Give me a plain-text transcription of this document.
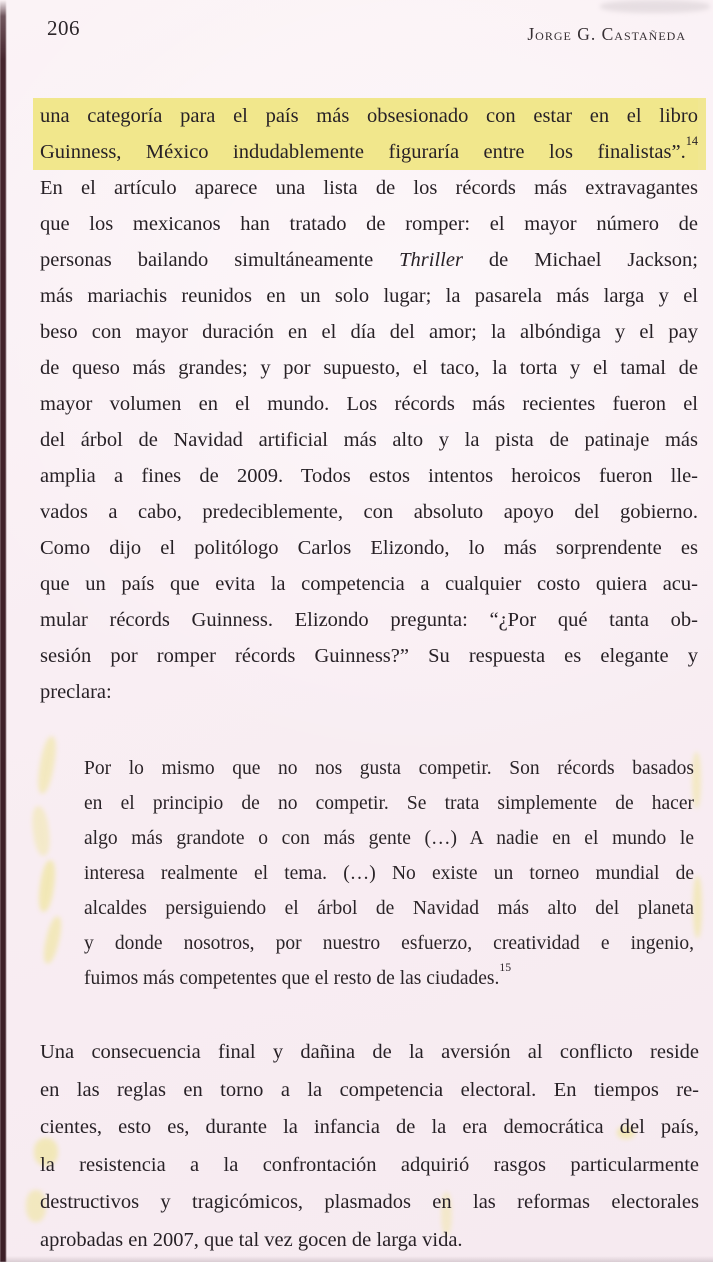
206	Jorge G. Castañeda
una categoría para el país más obsesionado con estar en el libro
Guinness, México indudablemente figuraría entre los finalistas”.$^{14}$
En el artículo aparece una lista de los récords más extravagantes
que los mexicanos han tratado de romper: el mayor número de
personas bailando simultáneamente Thriller de Michael Jackson;
más mariachis reunidos en un solo lugar; la pasarela más larga y el
beso con mayor duración en el día del amor; la albóndiga y el pay
de queso más grandes; y por supuesto, el taco, la torta y el tamal de
mayor volumen en el mundo. Los récords más recientes fueron el
del árbol de Navidad artificial más alto y la pista de patinaje más
amplia a fines de 2009. Todos estos intentos heroicos fueron lle-
vados a cabo, predeciblemente, con absoluto apoyo del gobierno.
Como dijo el politólogo Carlos Elizondo, lo más sorprendente es
que un país que evita la competencia a cualquier costo quiera acu-
mular récords Guinness. Elizondo pregunta: “¿Por qué tanta ob-
sesión por romper récords Guinness?” Su respuesta es elegante y
preclara:
Por lo mismo que no nos gusta competir. Son récords basados
en el principio de no competir. Se trata simplemente de hacer
algo más grandote o con más gente (…) A nadie en el mundo le
interesa realmente el tema. (…) No existe un torneo mundial de
alcaldes persiguiendo el árbol de Navidad más alto del planeta
y donde nosotros, por nuestro esfuerzo, creatividad e ingenio,
fuimos más competentes que el resto de las ciudades.$^{15}$
Una consecuencia final y dañina de la aversión al conflicto reside
en las reglas en torno a la competencia electoral. En tiempos re-
cientes, esto es, durante la infancia de la era democrática del país,
la resistencia a la confrontación adquirió rasgos particularmente
destructivos y tragicómicos, plasmados en las reformas electorales
aprobadas en 2007, que tal vez gocen de larga vida.
